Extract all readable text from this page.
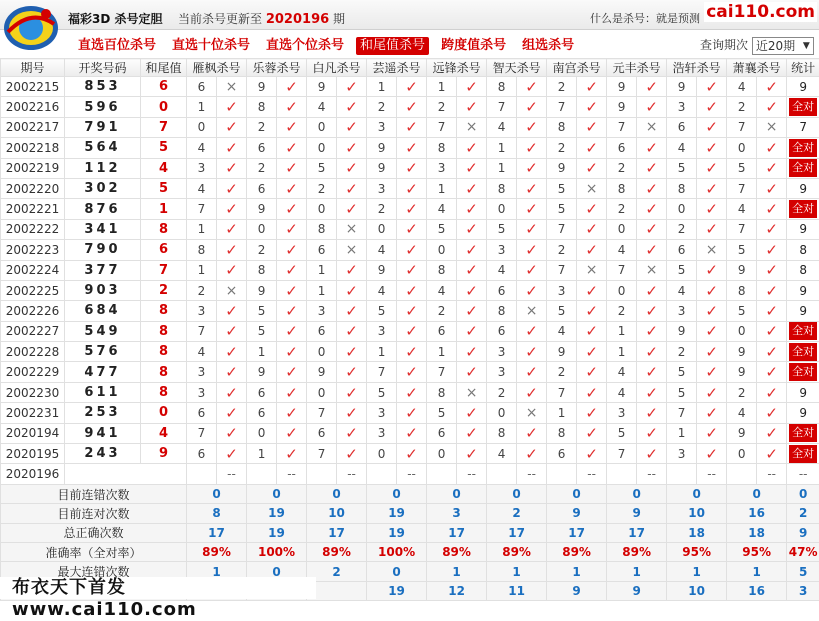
福彩3D 杀号定胆 当前杀号更新至 2020196 期	什么是杀号：就是预测 cai110.com
直选百位杀号	直选十位杀号	直选个位杀号	和尾值杀号	跨度值杀号	组选杀号	查询期次 近20期 ▼
期号	开奖号码	和尾值	雁枫杀号		乐蓉杀号		白凡杀号		芸遥杀号		远锋杀号		智天杀号		南宫杀号		元丰杀号		浩轩杀号		萧襄杀号		统计
2002215	853	6	6	×	9	✓	9	✓	1	✓	1	✓	8	✓	2	✓	9	✓	9	✓	4	✓	9
2002216	596	0	1	✓	8	✓	4	✓	2	✓	2	✓	7	✓	7	✓	9	✓	3	✓	2	✓	全对
2002217	791	7	0	✓	2	✓	0	✓	3	✓	7	×	4	✓	8	✓	7	×	6	✓	7	×	7
2002218	564	5	4	✓	6	✓	0	✓	9	✓	8	✓	1	✓	2	✓	6	✓	4	✓	0	✓	全对
2002219	112	4	3	✓	2	✓	5	✓	9	✓	3	✓	1	✓	9	✓	2	✓	5	✓	5	✓	全对
2002220	302	5	4	✓	6	✓	2	✓	3	✓	1	✓	8	✓	5	×	8	✓	8	✓	7	✓	9
2002221	876	1	7	✓	9	✓	0	✓	2	✓	4	✓	0	✓	5	✓	2	✓	0	✓	4	✓	全对
2002222	341	8	1	✓	0	✓	8	×	0	✓	5	✓	5	✓	7	✓	0	✓	2	✓	7	✓	9
2002223	790	6	8	✓	2	✓	6	×	4	✓	0	✓	3	✓	2	✓	4	✓	6	×	5	✓	8
2002224	377	7	1	✓	8	✓	1	✓	9	✓	8	✓	4	✓	7	×	7	×	5	✓	9	✓	8
2002225	903	2	2	×	9	✓	1	✓	4	✓	4	✓	6	✓	3	✓	0	✓	4	✓	8	✓	9
2002226	684	8	3	✓	5	✓	3	✓	5	✓	2	✓	8	×	5	✓	2	✓	3	✓	5	✓	9
2002227	549	8	7	✓	5	✓	6	✓	3	✓	6	✓	6	✓	4	✓	1	✓	9	✓	0	✓	全对
2002228	576	8	4	✓	1	✓	0	✓	1	✓	1	✓	3	✓	9	✓	1	✓	2	✓	9	✓	全对
2002229	477	8	3	✓	9	✓	9	✓	7	✓	7	✓	3	✓	2	✓	4	✓	5	✓	9	✓	全对
2002230	611	8	3	✓	6	✓	0	✓	5	✓	8	×	2	✓	7	✓	4	✓	5	✓	2	✓	9
2002231	253	0	6	✓	6	✓	7	✓	3	✓	5	✓	0	×	1	✓	3	✓	7	✓	4	✓	9
2020194	941	4	7	✓	0	✓	6	✓	3	✓	6	✓	8	✓	8	✓	5	✓	1	✓	9	✓	全对
2020195	243	9	6	✓	1	✓	7	✓	0	✓	0	✓	4	✓	6	✓	7	✓	3	✓	0	✓	全对
2020196	当前期杀号		9	--	6	--	6	--	6	--	8	--	1	--	1	--	0	--	4	--	1	--	--
目前连错次数			0		0		0		0		0		0		0		0		0		0		0
目前连对次数			8		19		10		19		3		2		9		9		10		16		2
总正确次数			17		19		17		19		17		17		17		17		18		18		9
准确率（全对率）			89%		100%		89%		100%		89%		89%		89%		89%		95%		95%		47%
最大连错次数			1		0		2		0		1		1		1		1		1		1		5
									19		12		11		9		9		10		16		3
布衣天下首发
